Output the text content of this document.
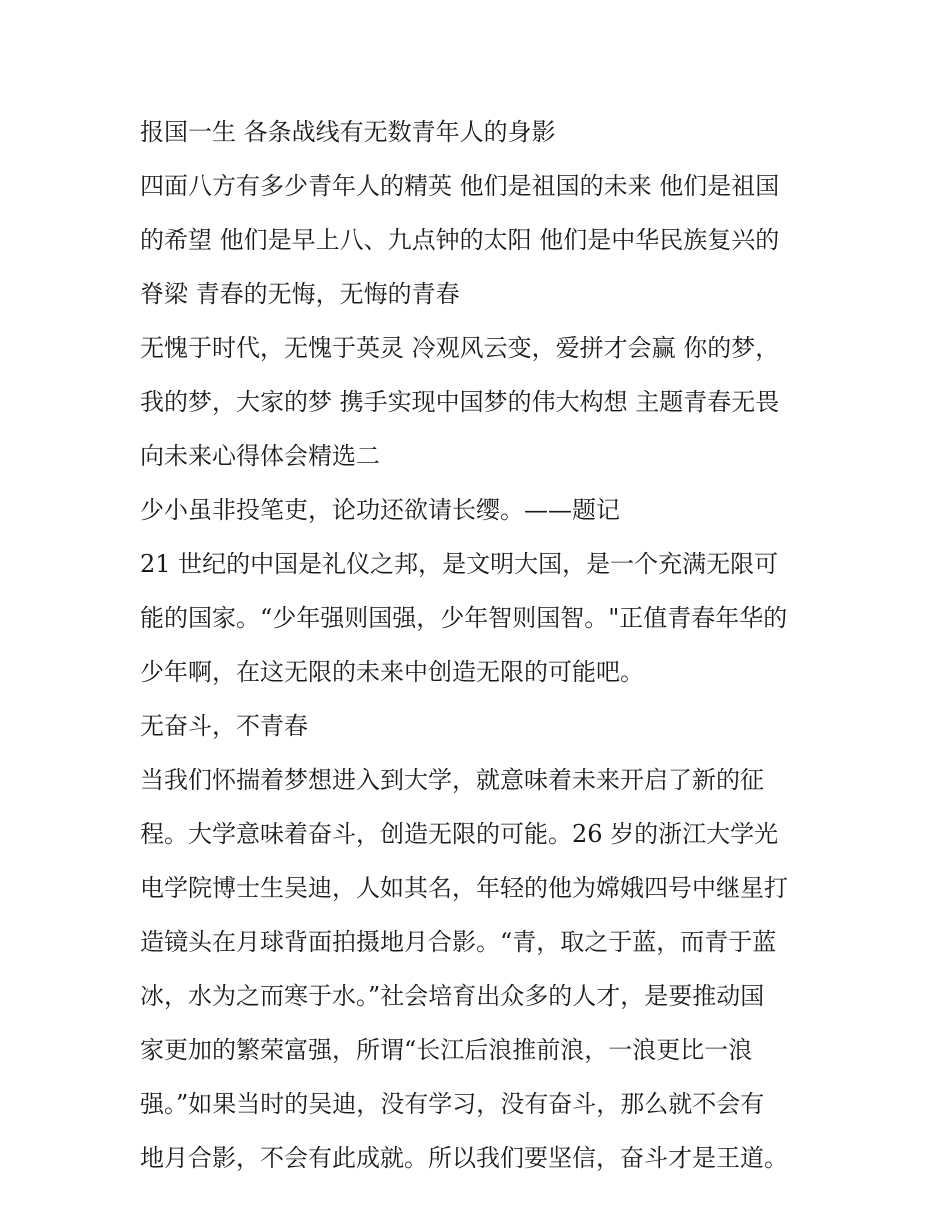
报国一生 各条战线有无数青年人的身影
四面八方有多少青年人的精英 他们是祖国的未来 他们是祖国
的希望 他们是早上八、九点钟的太阳 他们是中华民族复兴的
脊梁 青春的无悔，无悔的青春
无愧于时代，无愧于英灵 冷观风云变，爱拼才会赢 你的梦，
我的梦，大家的梦 携手实现中国梦的伟大构想 主题青春无畏
向未来心得体会精选二
少小虽非投笔吏，论功还欲请长缨。——题记
21 世纪的中国是礼仪之邦，是文明大国，是一个充满无限可
能的国家。“少年强则国强，少年智则国智。"正值青春年华的
少年啊，在这无限的未来中创造无限的可能吧。
无奋斗，不青春
当我们怀揣着梦想进入到大学，就意味着未来开启了新的征
程。大学意味着奋斗，创造无限的可能。26 岁的浙江大学光
电学院博士生吴迪，人如其名，年轻的他为嫦娥四号中继星打
造镜头在月球背面拍摄地月合影。“青，取之于蓝，而青于蓝
冰，水为之而寒于水。”社会培育出众多的人才，是要推动国
家更加的繁荣富强，所谓“长江后浪推前浪，一浪更比一浪
强。”如果当时的吴迪，没有学习，没有奋斗，那么就不会有
地月合影，不会有此成就。所以我们要坚信，奋斗才是王道。
